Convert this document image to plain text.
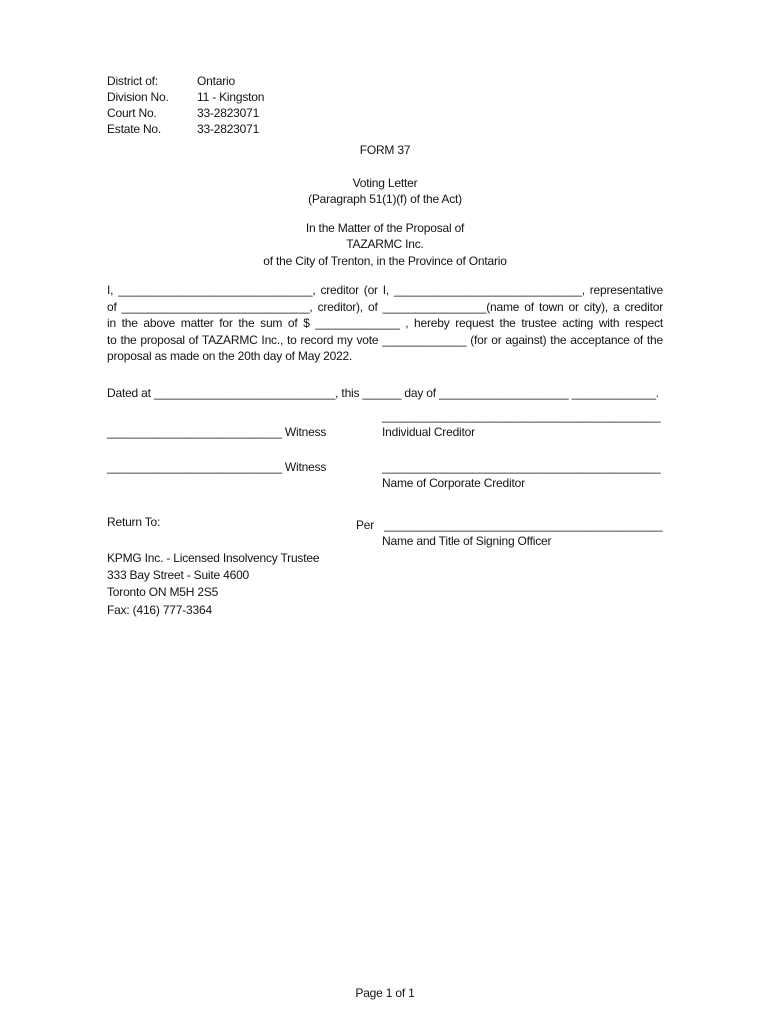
District of:	Ontario
Division No. 11 - Kingston
Court No.	33-2823071
Estate No.	33-2823071
FORM 37
Voting Letter
(Paragraph 51(1)(f) of the Act)
In the Matter of the Proposal of
TAZARMC Inc.
of the City of Trenton, in the Province of Ontario
I, ______________________________, creditor (or I, _____________________________, representative
of _____________________________, creditor), of ________________(name of town or city), a creditor
in the above matter for the sum of $ _____________ , hereby request the trustee acting with respect
to the proposal of TAZARMC Inc., to record my vote _____________ (for or against) the acceptance of the
proposal as made on the 20th day of May 2022.
Dated at ____________________________, this ______ day of ____________________ _____________.
___________________________________________
___________________________ Witness	Individual Creditor
___________________________ Witness	___________________________________________
Name of Corporate Creditor
Return To:	Per ___________________________________________
Name and Title of Signing Officer
KPMG Inc. - Licensed Insolvency Trustee
333 Bay Street - Suite 4600
Toronto ON M5H 2S5
Fax: (416) 777-3364
Page 1 of 1
